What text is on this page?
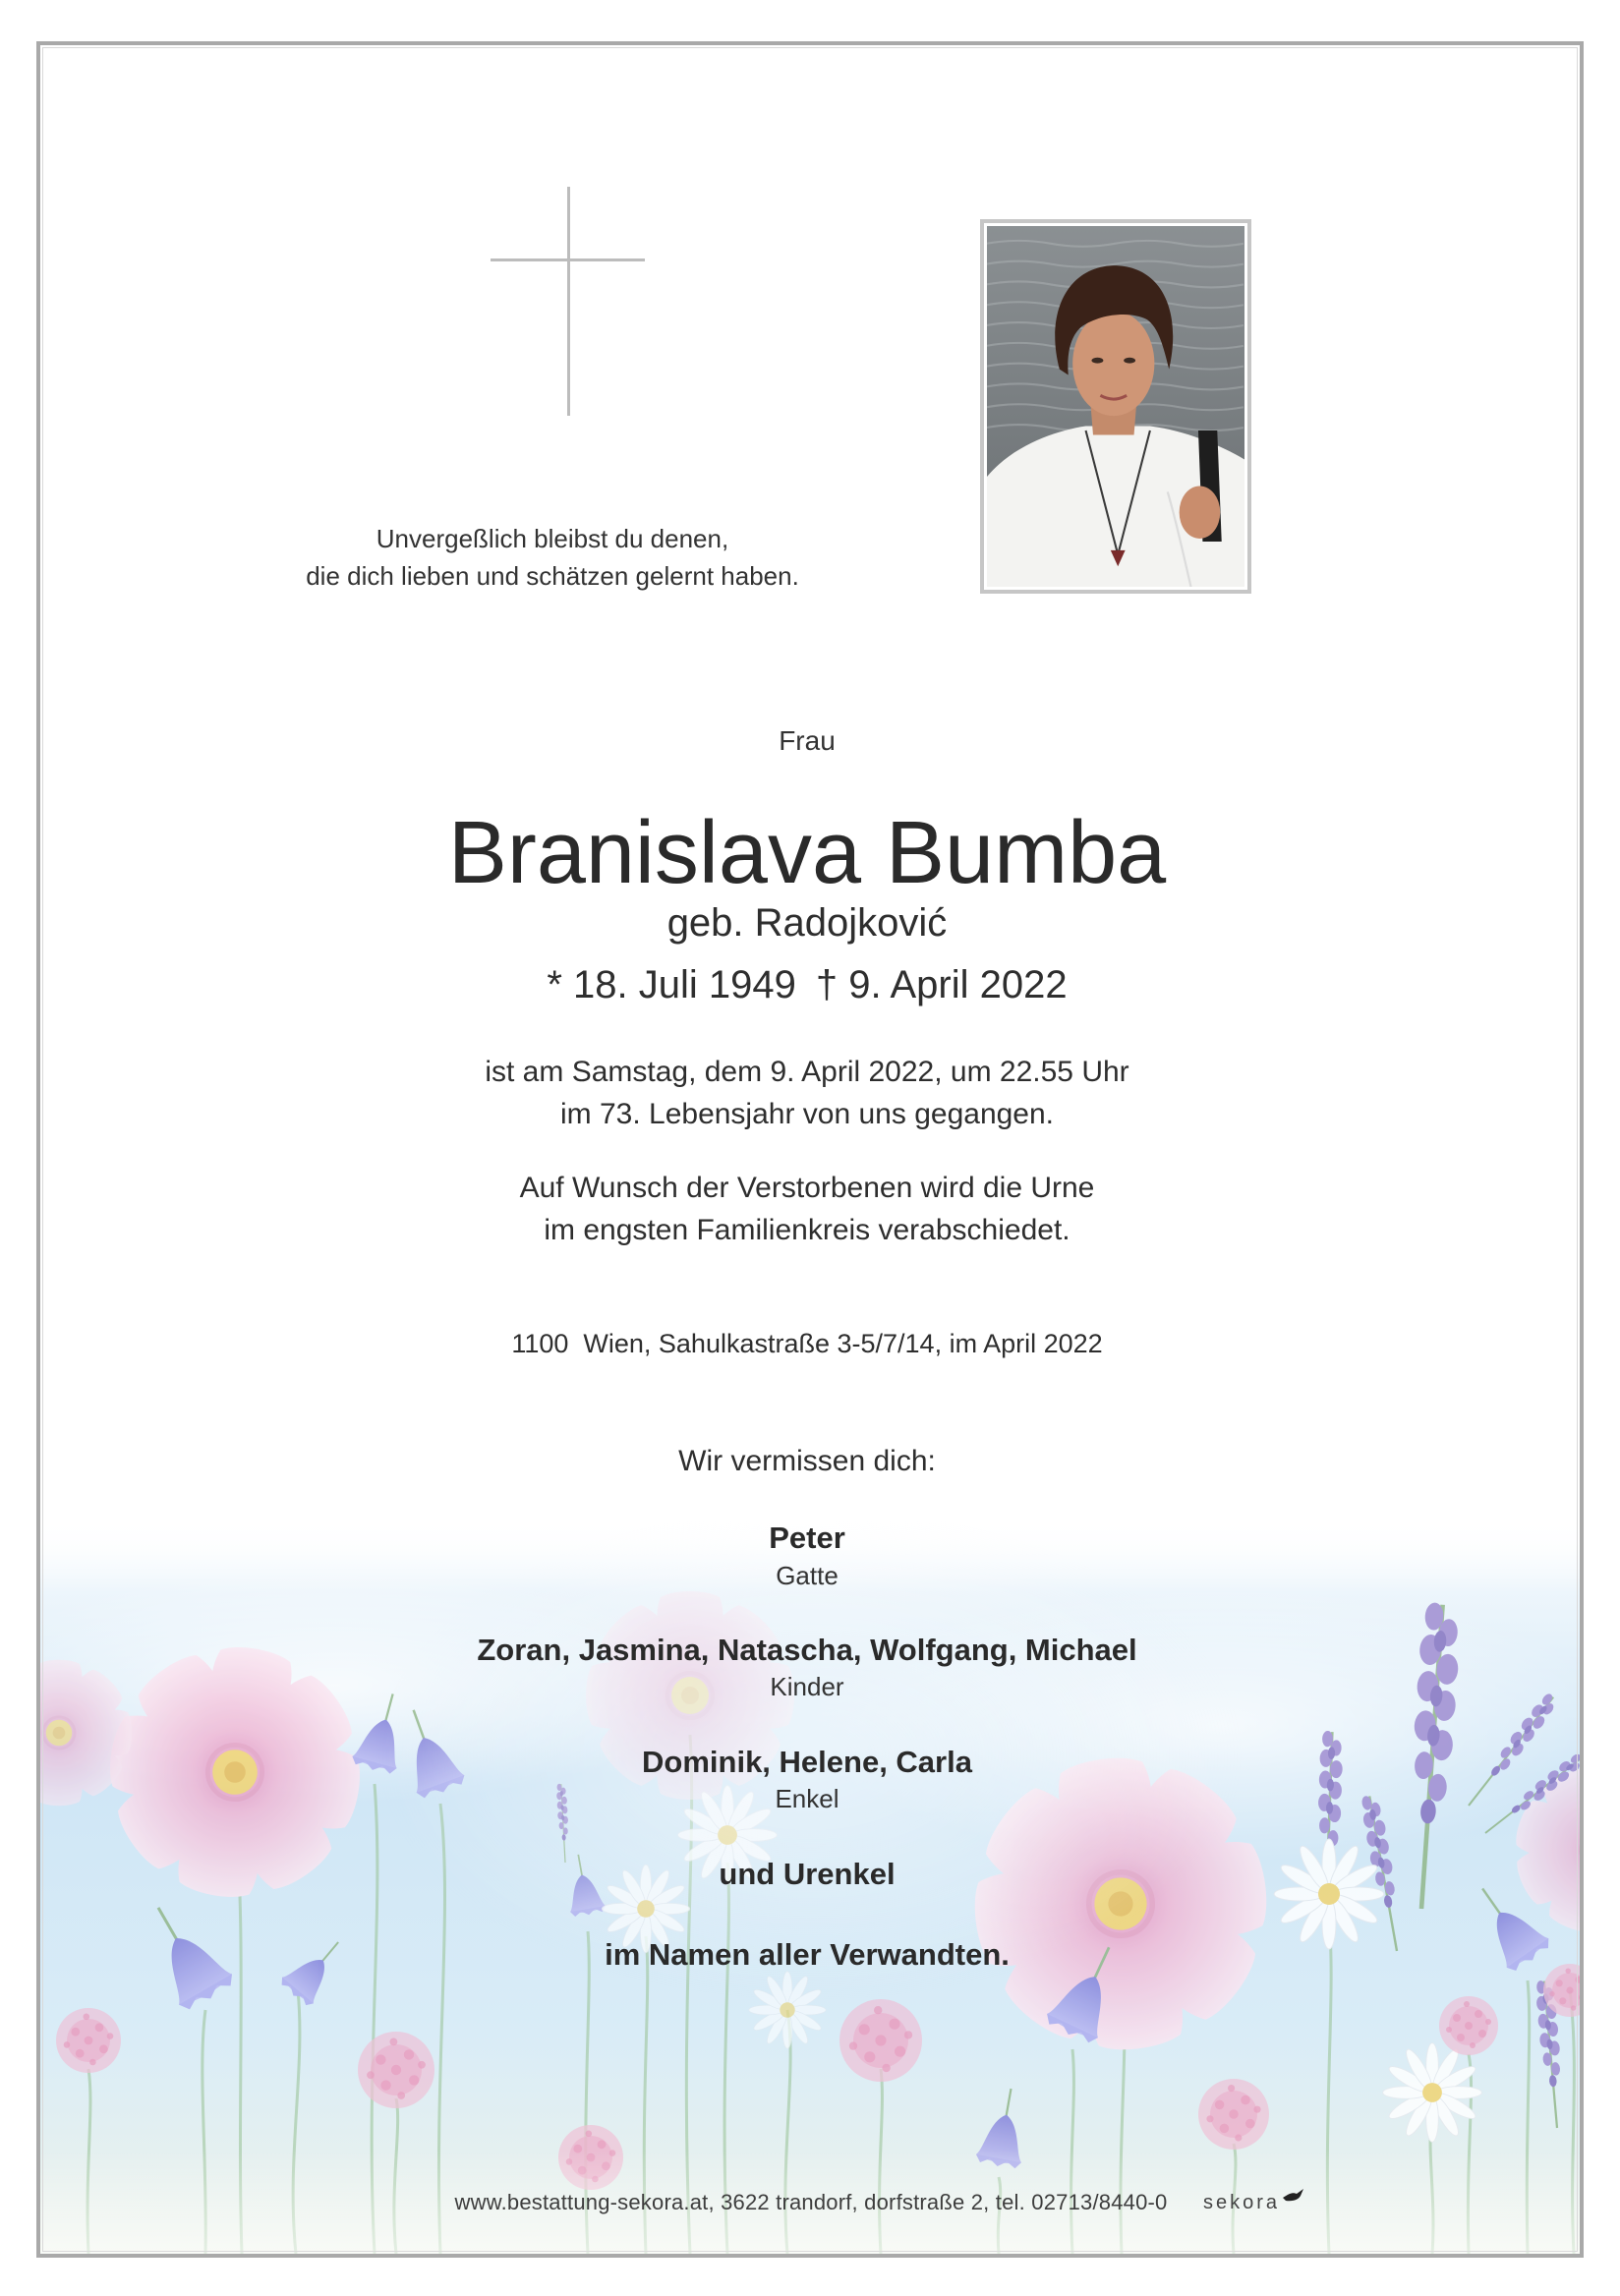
Unvergeßlich bleibst du denen,
die dich lieben und schätzen gelernt haben.
Frau
Branislava Bumba
geb. Radojković
* 18. Juli 1949 † 9. April 2022
ist am Samstag, dem 9. April 2022, um 22.55 Uhr
im 73. Lebensjahr von uns gegangen.
Auf Wunsch der Verstorbenen wird die Urne
im engsten Familienkreis verabschiedet.
1100  Wien, Sahulkastraße 3-5/7/14, im April 2022
Wir vermissen dich:
Peter
Gatte
Zoran, Jasmina, Natascha, Wolfgang, Michael
Kinder
Dominik, Helene, Carla
Enkel
und Urenkel
im Namen aller Verwandten.
www.bestattung-sekora.at, 3622 trandorf, dorfstraße 2, tel. 02713/8440-0	sekora
